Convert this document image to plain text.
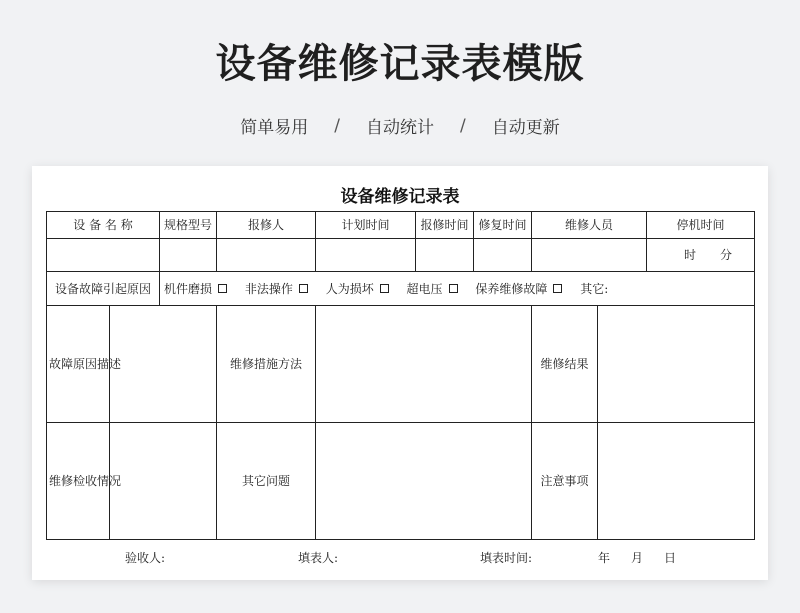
设备维修记录表模版
简单易用 / 自动统计 / 自动更新
设备维修记录表
设 备 名 称		规格型号	报修人	计划时间	报修时间	修复时间	维修人员		停机时间
									时 分
设备故障引起原因		机件磨损 非法操作 人为损坏 超电压 保养维修故障 其它:							
故障原因描述			维修措施方法				维修结果		
维修检收情况			其它问题				注意事项		
验收人:	填表人:	填表时间:	年 月 日
